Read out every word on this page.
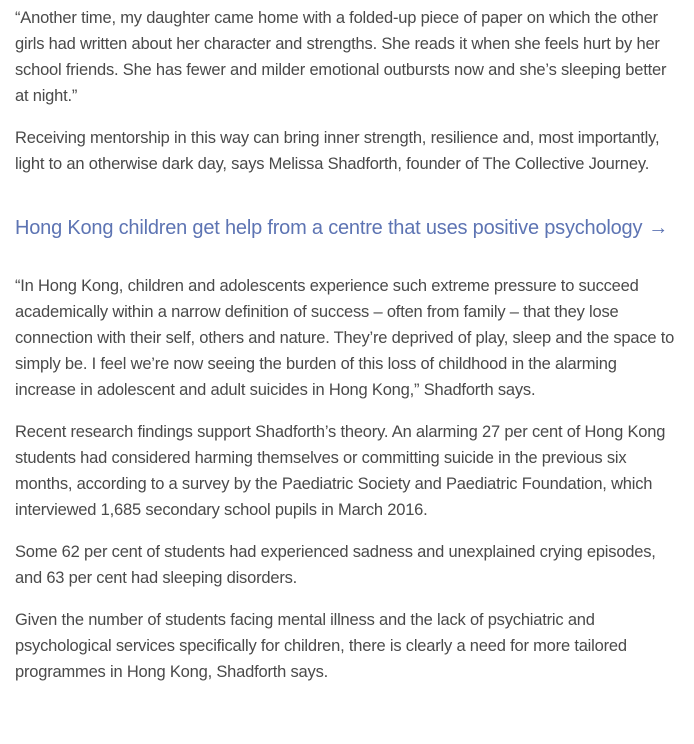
“Another time, my daughter came home with a folded-up piece of paper on which the other girls had written about her character and strengths. She reads it when she feels hurt by her school friends. She has fewer and milder emotional outbursts now and she’s sleeping better at night.”

Receiving mentorship in this way can bring inner strength, resilience and, most importantly, light to an otherwise dark day, says Melissa Shadforth, founder of The Collective Journey.

Hong Kong children get help from a centre that uses positive psychology →

“In Hong Kong, children and adolescents experience such extreme pressure to succeed academically within a narrow definition of success – often from family – that they lose connection with their self, others and nature. They’re deprived of play, sleep and the space to simply be. I feel we’re now seeing the burden of this loss of childhood in the alarming increase in adolescent and adult suicides in Hong Kong,” Shadforth says.

Recent research findings support Shadforth’s theory. An alarming 27 per cent of Hong Kong students had considered harming themselves or committing suicide in the previous six months, according to a survey by the Paediatric Society and Paediatric Foundation, which interviewed 1,685 secondary school pupils in March 2016.

Some 62 per cent of students had experienced sadness and unexplained crying episodes, and 63 per cent had sleeping disorders.

Given the number of students facing mental illness and the lack of psychiatric and psychological services specifically for children, there is clearly a need for more tailored programmes in Hong Kong, Shadforth says.
